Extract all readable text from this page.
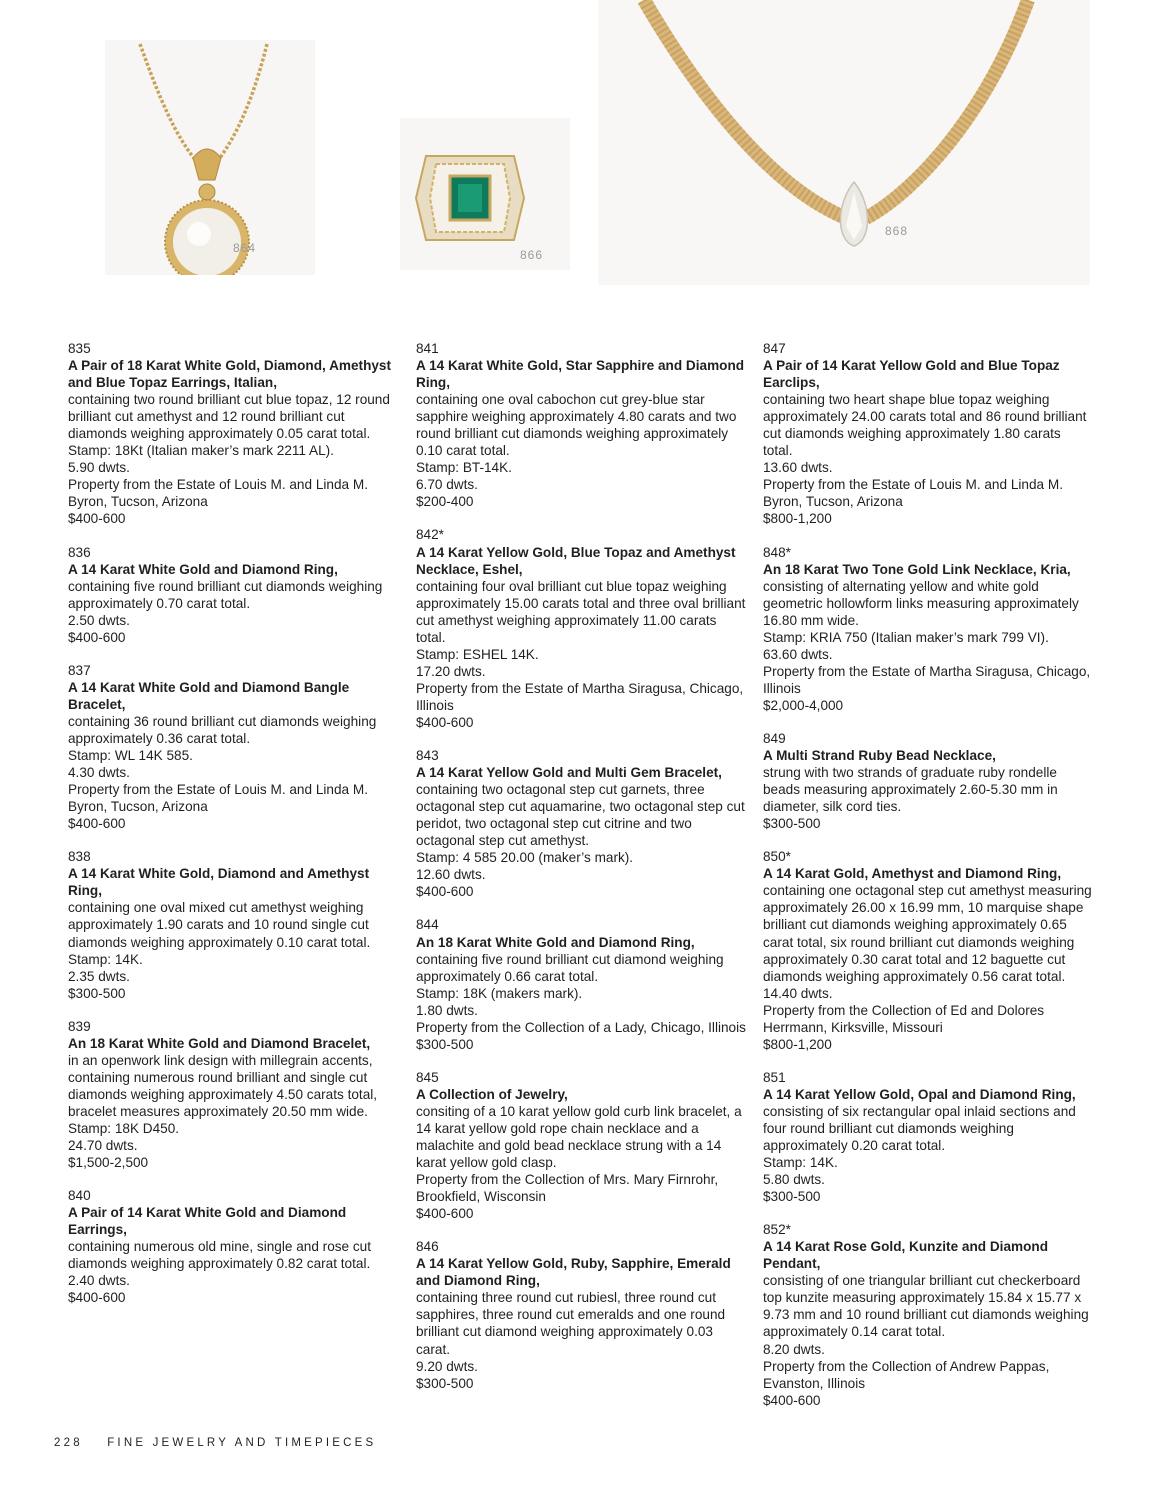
864	866
868
835
A Pair of 18 Karat White Gold, Diamond, Amethyst and Blue Topaz Earrings, Italian,
containing two round brilliant cut blue topaz, 12 round brilliant cut amethyst and 12 round brilliant cut diamonds weighing approximately 0.05 carat total.
Stamp: 18Kt (Italian maker’s mark 2211 AL).
5.90 dwts.
Property from the Estate of Louis M. and Linda M. Byron, Tucson, Arizona
$400-600
836
A 14 Karat White Gold and Diamond Ring,
containing five round brilliant cut diamonds weighing approximately 0.70 carat total.
2.50 dwts.
$400-600
837
A 14 Karat White Gold and Diamond Bangle Bracelet,
containing 36 round brilliant cut diamonds weighing approximately 0.36 carat total.
Stamp: WL 14K 585.
4.30 dwts.
Property from the Estate of Louis M. and Linda M. Byron, Tucson, Arizona
$400-600
838
A 14 Karat White Gold, Diamond and Amethyst Ring,
containing one oval mixed cut amethyst weighing approximately 1.90 carats and 10 round single cut diamonds weighing approximately 0.10 carat total.
Stamp: 14K.
2.35 dwts.
$300-500
839
An 18 Karat White Gold and Diamond Bracelet,
in an openwork link design with millegrain accents, containing numerous round brilliant and single cut diamonds weighing approximately 4.50 carats total, bracelet measures approximately 20.50 mm wide.
Stamp: 18K D450.
24.70 dwts.
$1,500-2,500
840
A Pair of 14 Karat White Gold and Diamond Earrings,
containing numerous old mine, single and rose cut diamonds weighing approximately 0.82 carat total.
2.40 dwts.
$400-600
841
A 14 Karat White Gold, Star Sapphire and Diamond Ring,
containing one oval cabochon cut grey-blue star sapphire weighing approximately 4.80 carats and two round brilliant cut diamonds weighing approximately 0.10 carat total.
Stamp: BT-14K.
6.70 dwts.
$200-400
842*
A 14 Karat Yellow Gold, Blue Topaz and Amethyst Necklace, Eshel,
containing four oval brilliant cut blue topaz weighing approximately 15.00 carats total and three oval brilliant cut amethyst weighing approximately 11.00 carats total.
Stamp: ESHEL 14K.
17.20 dwts.
Property from the Estate of Martha Siragusa, Chicago, Illinois
$400-600
843
A 14 Karat Yellow Gold and Multi Gem Bracelet,
containing two octagonal step cut garnets, three octagonal step cut aquamarine, two octagonal step cut peridot, two octagonal step cut citrine and two octagonal step cut amethyst.
Stamp: 4 585 20.00 (maker’s mark).
12.60 dwts.
$400-600
844
An 18 Karat White Gold and Diamond Ring,
containing five round brilliant cut diamond weighing approximately 0.66 carat total.
Stamp: 18K (makers mark).
1.80 dwts.
Property from the Collection of a Lady, Chicago, Illinois
$300-500
845
A Collection of Jewelry,
consiting of a 10 karat yellow gold curb link bracelet, a 14 karat yellow gold rope chain necklace and a malachite and gold bead necklace strung with a 14 karat yellow gold clasp.
Property from the Collection of Mrs. Mary Firnrohr, Brookfield, Wisconsin
$400-600
846
A 14 Karat Yellow Gold, Ruby, Sapphire, Emerald and Diamond Ring,
containing three round cut rubiesl, three round cut sapphires, three round cut emeralds and one round brilliant cut diamond weighing approximately 0.03 carat.
9.20 dwts.
$300-500
847
A Pair of 14 Karat Yellow Gold and Blue Topaz Earclips,
containing two heart shape blue topaz weighing approximately 24.00 carats total and 86 round brilliant cut diamonds weighing approximately 1.80 carats total.
13.60 dwts.
Property from the Estate of Louis M. and Linda M. Byron, Tucson, Arizona
$800-1,200
848*
An 18 Karat Two Tone Gold Link Necklace, Kria,
consisting of alternating yellow and white gold geometric hollowform links measuring approximately 16.80 mm wide.
Stamp: KRIA 750 (Italian maker’s mark 799 VI).
63.60 dwts.
Property from the Estate of Martha Siragusa, Chicago, Illinois
$2,000-4,000
849
A Multi Strand Ruby Bead Necklace,
strung with two strands of graduate ruby rondelle beads measuring approximately 2.60-5.30 mm in diameter, silk cord ties.
$300-500
850*
A 14 Karat Gold, Amethyst and Diamond Ring,
containing one octagonal step cut amethyst measuring approximately 26.00 x 16.99 mm, 10 marquise shape brilliant cut diamonds weighing approximately 0.65 carat total, six round brilliant cut diamonds weighing approximately 0.30 carat total and 12 baguette cut diamonds weighing approximately 0.56 carat total.
14.40 dwts.
Property from the Collection of Ed and Dolores Herrmann, Kirksville, Missouri
$800-1,200
851
A 14 Karat Yellow Gold, Opal and Diamond Ring,
consisting of six rectangular opal inlaid sections and four round brilliant cut diamonds weighing approximately 0.20 carat total.
Stamp: 14K.
5.80 dwts.
$300-500
852*
A 14 Karat Rose Gold, Kunzite and Diamond Pendant,
consisting of one triangular brilliant cut checkerboard top kunzite measuring approximately 15.84 x 15.77 x 9.73 mm and 10 round brilliant cut diamonds weighing approximately 0.14 carat total.
8.20 dwts.
Property from the Collection of Andrew Pappas, Evanston, Illinois
$400-600
228 FINE JEWELRY AND TIMEPIECES
